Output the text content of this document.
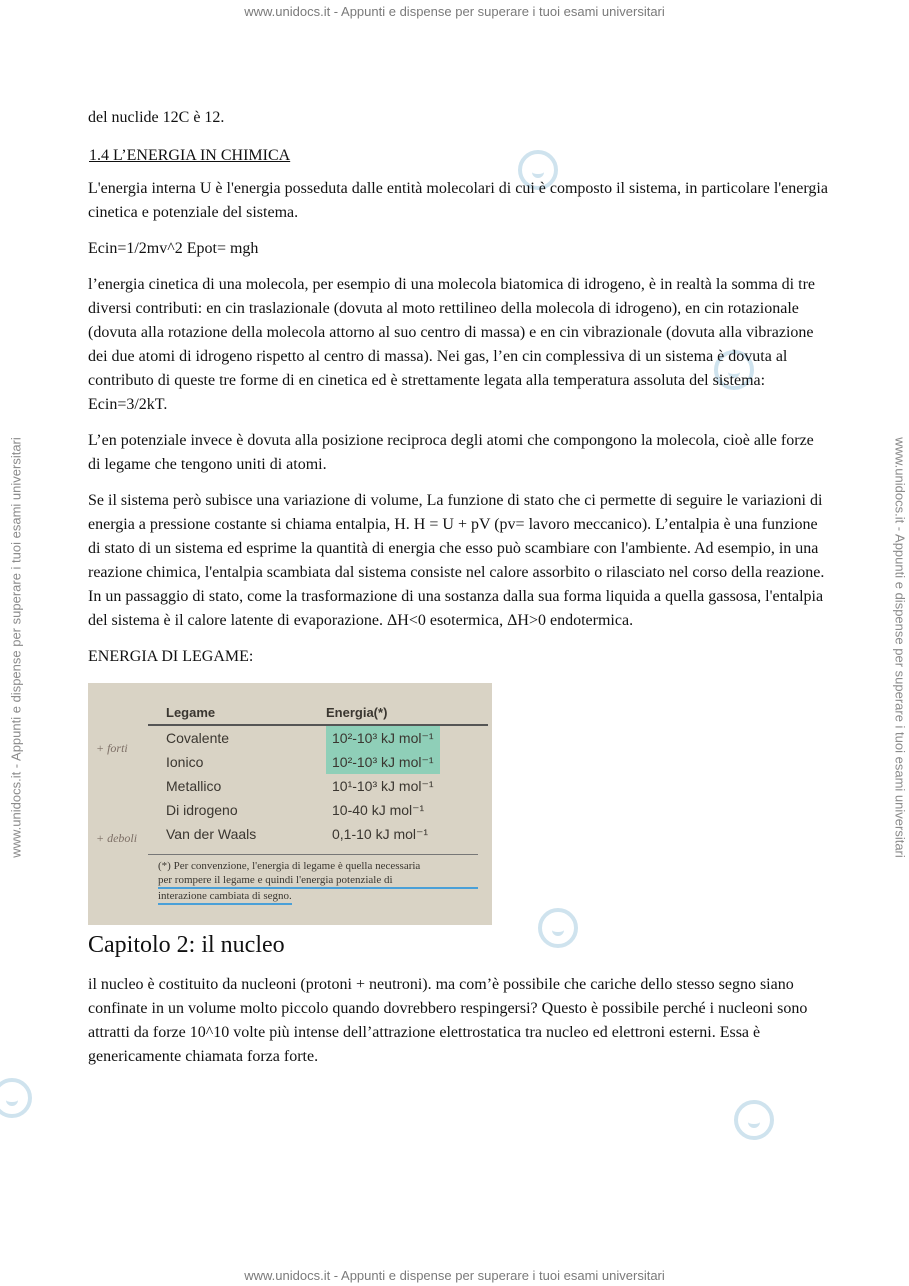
www.unidocs.it - Appunti e dispense per superare i tuoi esami universitari
www.unidocs.it - Appunti e dispense per superare i tuoi esami universitari
www.unidocs.it - Appunti e dispense per superare i tuoi esami universitari	www.unidocs.it - Appunti e dispense per superare i tuoi esami universitari

del nuclide 12C è 12.

1.4 L’ENERGIA IN CHIMICA

L'energia interna U è l'energia posseduta dalle entità molecolari di cui è composto il sistema, in particolare l'energia cinetica e potenziale del sistema.

Ecin=1/2mv^2 Epot= mgh

l’energia cinetica di una molecola, per esempio di una molecola biatomica di idrogeno, è in realtà la somma di tre diversi contributi: en cin traslazionale (dovuta al moto rettilineo della molecola di idrogeno), en cin rotazionale (dovuta alla rotazione della molecola attorno al suo centro di massa) e en cin vibrazionale (dovuta alla vibrazione dei due atomi di idrogeno rispetto al centro di massa). Nei gas, l’en cin complessiva di un sistema è dovuta al contributo di queste tre forme di en cinetica ed è strettamente legata alla temperatura assoluta del sistema: Ecin=3/2kT.

L’en potenziale invece è dovuta alla posizione reciproca degli atomi che compongono la molecola, cioè alle forze di legame che tengono uniti di atomi.

Se il sistema però subisce una variazione di volume, La funzione di stato che ci permette di seguire le variazioni di energia a pressione costante si chiama entalpia, H. H = U + pV (pv= lavoro meccanico). L’entalpia è una funzione di stato di un sistema ed esprime la quantità di energia che esso può scambiare con l'ambiente. Ad esempio, in una reazione chimica, l'entalpia scambiata dal sistema consiste nel calore assorbito o rilasciato nel corso della reazione. In un passaggio di stato, come la trasformazione di una sostanza dalla sua forma liquida a quella gassosa, l'entalpia del sistema è il calore latente di evaporazione. ΔH<0 esotermica, ΔH>0 endotermica.

ENERGIA DI LEGAME:

+ forti
+ deboli
Legame	Energia(*)
Covalente	10²-10³ kJ mol⁻¹
Ionico	10²-10³ kJ mol⁻¹
Metallico	10¹-10³ kJ mol⁻¹
Di idrogeno	10-40 kJ mol⁻¹
Van der Waals	0,1-10 kJ mol⁻¹
(*) Per convenzione, l'energia di legame è quella necessaria
per rompere il legame e quindi l'energia potenziale di
interazione cambiata di segno.

Capitolo 2: il nucleo

il nucleo è costituito da nucleoni (protoni + neutroni). ma com’è possibile che cariche dello stesso segno siano confinate in un volume molto piccolo quando dovrebbero respingersi? Questo è possibile perché i nucleoni sono attratti da forze 10^10 volte più intense dell’attrazione elettrostatica tra nucleo ed elettroni esterni. Essa è genericamente chiamata forza forte.
